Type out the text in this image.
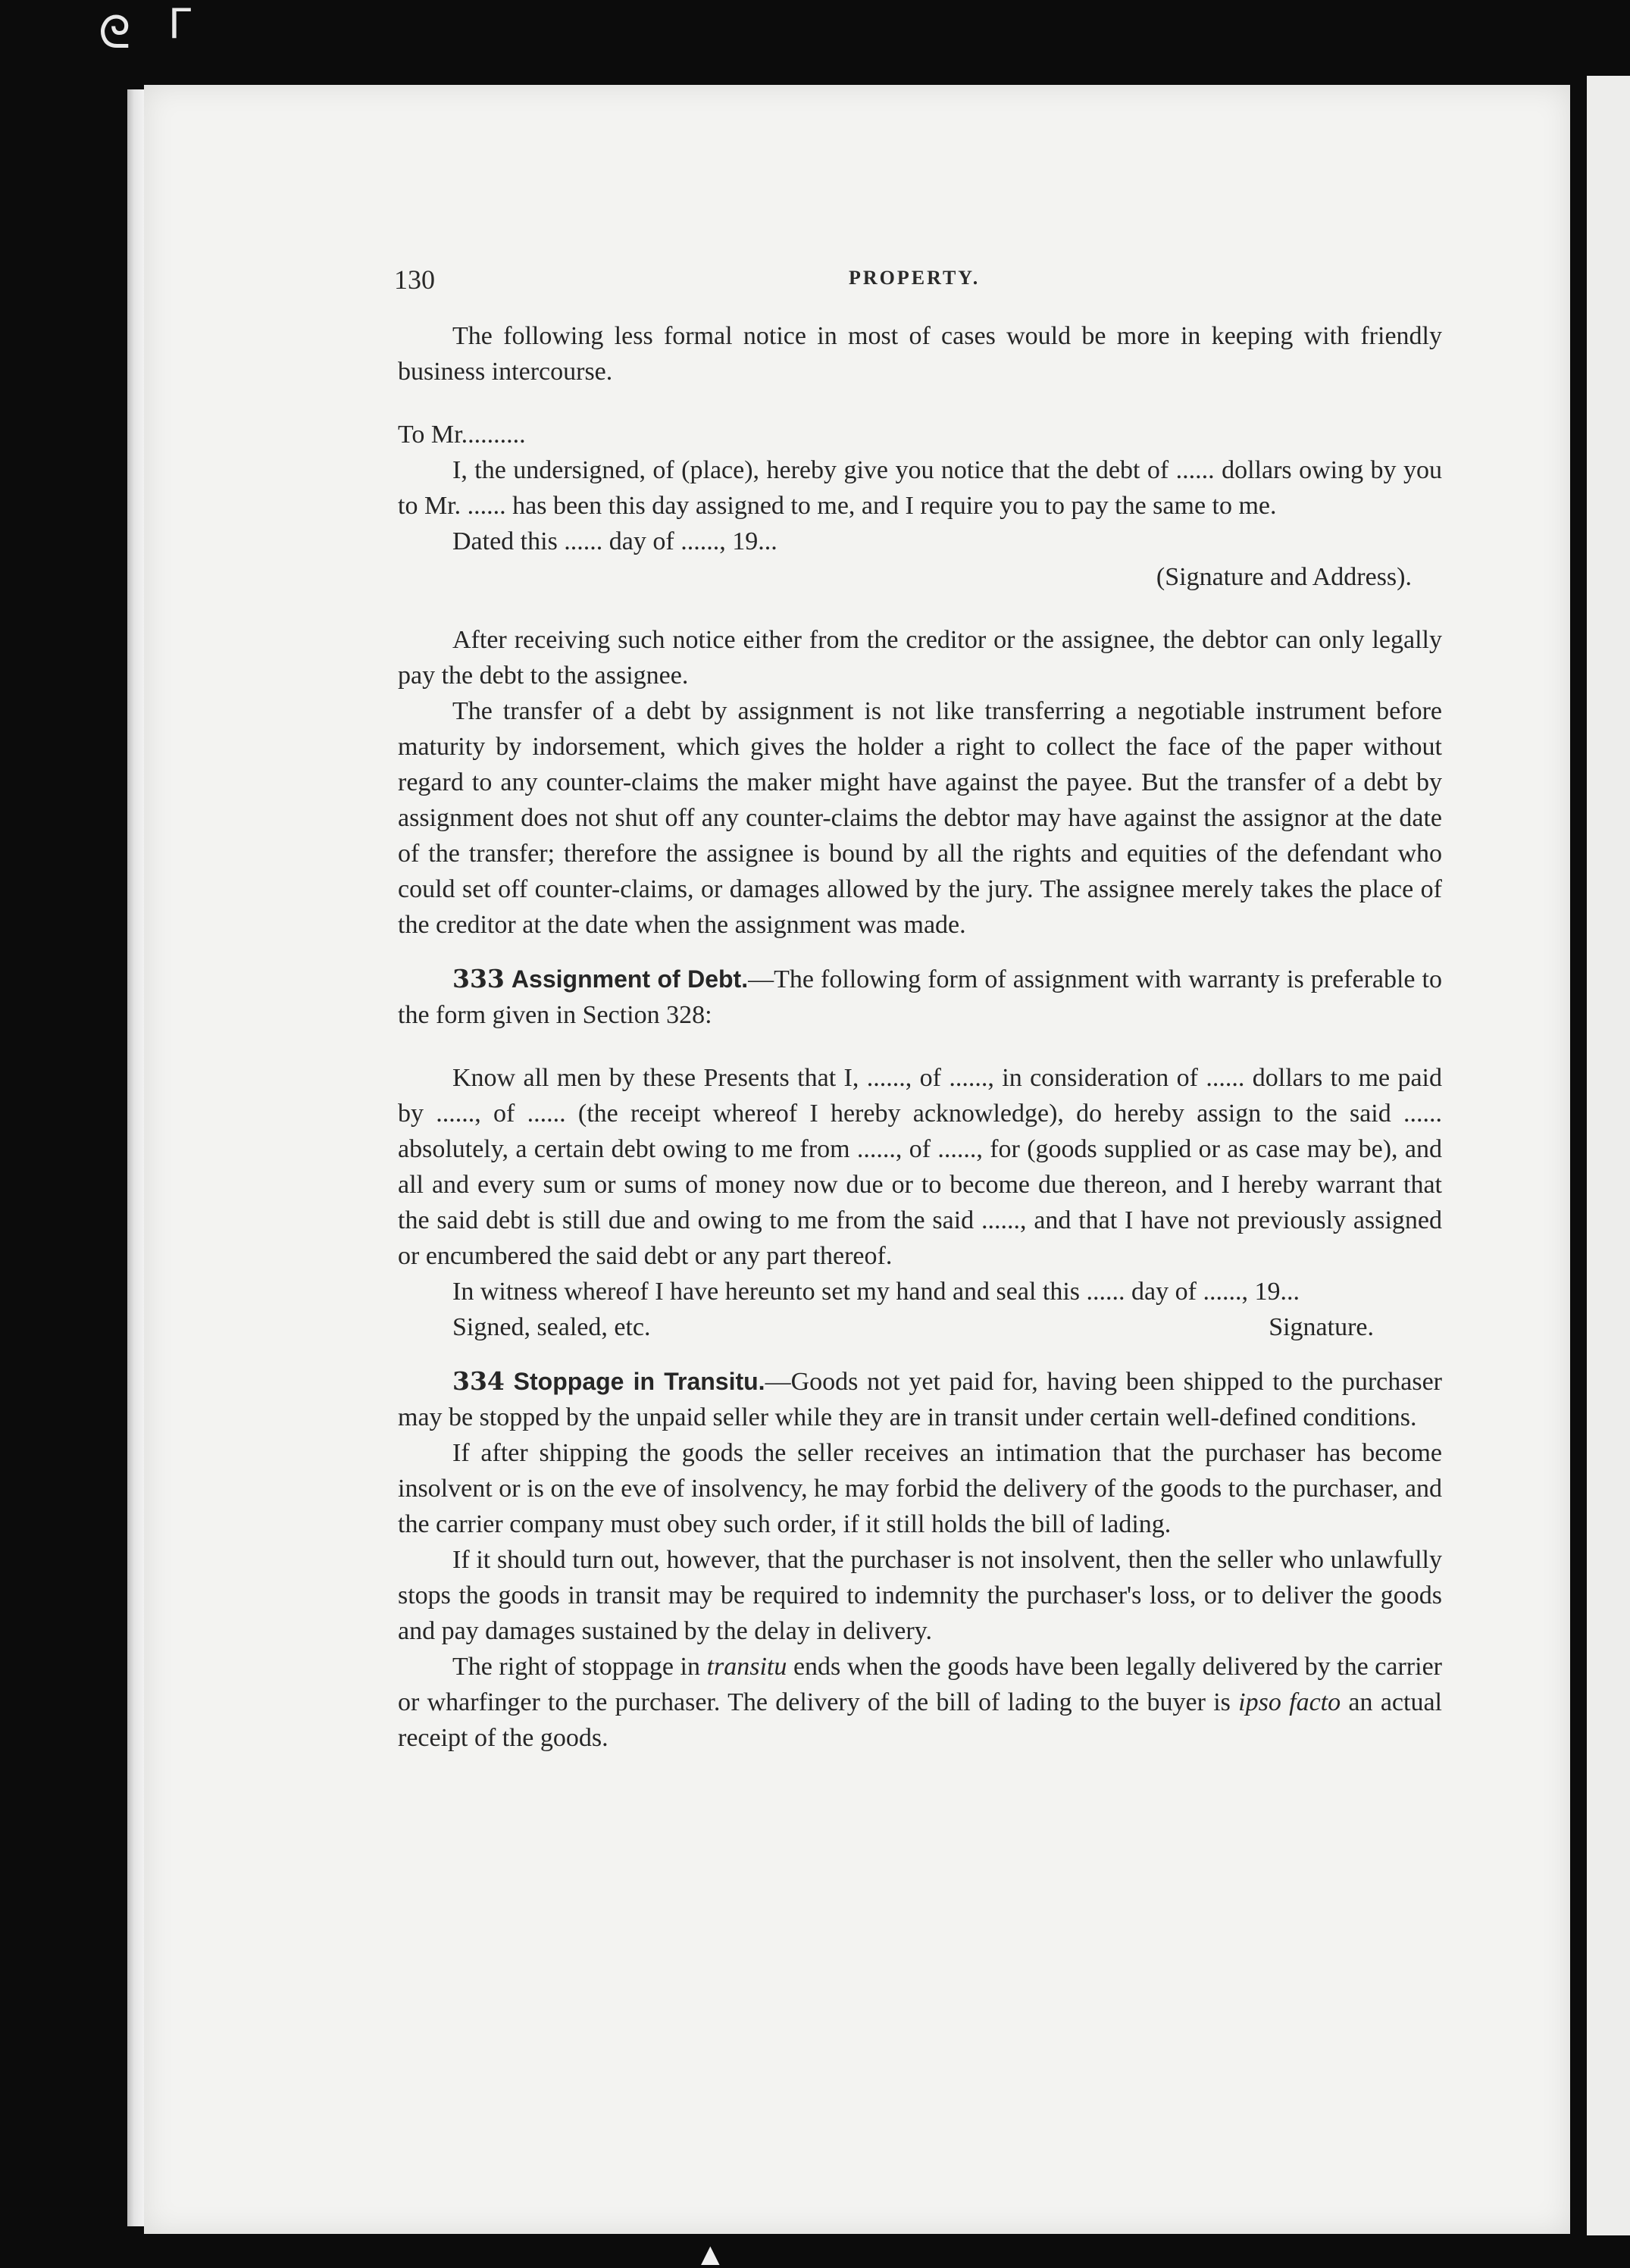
ᘓ ᒥ
▲
130	PROPERTY.

The following less formal notice in most of cases would be more in keeping with friendly business intercourse.

To Mr..........

I, the undersigned, of (place), hereby give you notice that the debt of ...... dollars owing by you to Mr. ...... has been this day assigned to me, and I require you to pay the same to me.

Dated this ...... day of ......, 19...

(Signature and Address).

After receiving such notice either from the creditor or the assignee, the debtor can only legally pay the debt to the assignee.

The transfer of a debt by assignment is not like transferring a negotiable instrument before maturity by indorsement, which gives the holder a right to collect the face of the paper without regard to any counter-claims the maker might have against the payee. But the transfer of a debt by assignment does not shut off any counter-claims the debtor may have against the assignor at the date of the transfer; therefore the assignee is bound by all the rights and equities of the defendant who could set off counter-claims, or damages allowed by the jury. The assignee merely takes the place of the creditor at the date when the assignment was made.

333 Assignment of Debt.—The following form of assignment with warranty is preferable to the form given in Section 328:

Know all men by these Presents that I, ......, of ......, in consideration of ...... dollars to me paid by ......, of ...... (the receipt whereof I hereby acknowledge), do hereby assign to the said ...... absolutely, a certain debt owing to me from ......, of ......, for (goods supplied or as case may be), and all and every sum or sums of money now due or to become due thereon, and I hereby warrant that the said debt is still due and owing to me from the said ......, and that I have not previously assigned or encumbered the said debt or any part thereof.

In witness whereof I have hereunto set my hand and seal this ...... day of ......, 19...

Signed, sealed, etc.	Signature.

334 Stoppage in Transitu.—Goods not yet paid for, having been shipped to the purchaser may be stopped by the unpaid seller while they are in transit under certain well-defined conditions.

If after shipping the goods the seller receives an intimation that the purchaser has become insolvent or is on the eve of insolvency, he may forbid the delivery of the goods to the purchaser, and the carrier company must obey such order, if it still holds the bill of lading.

If it should turn out, however, that the purchaser is not insolvent, then the seller who unlawfully stops the goods in transit may be required to indemnity the purchaser's loss, or to deliver the goods and pay damages sustained by the delay in delivery.

The right of stoppage in transitu ends when the goods have been legally delivered by the carrier or wharfinger to the purchaser. The delivery of the bill of lading to the buyer is ipso facto an actual receipt of the goods.
